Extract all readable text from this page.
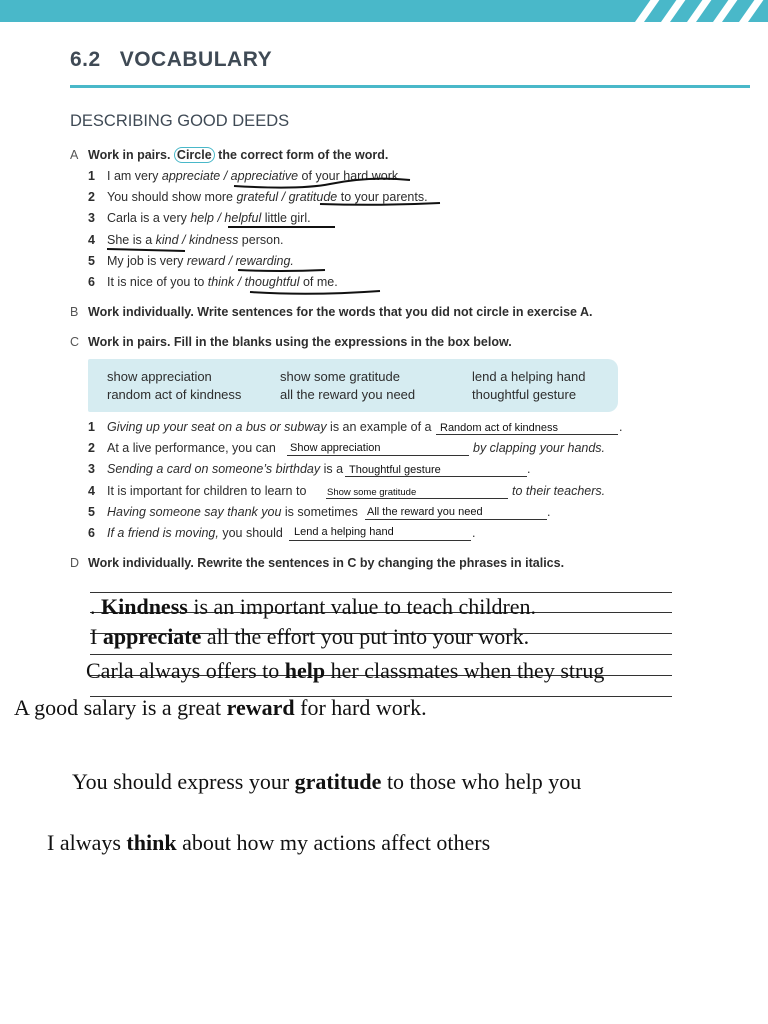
6.2 VOCABULARY
DESCRIBING GOOD DEEDS
A Work in pairs. Circle the correct form of the word.
1 I am very appreciate / appreciative of your hard work.
2 You should show more grateful / gratitude to your parents.
3 Carla is a very help / helpful little girl.
4 She is a kind / kindness person.
5 My job is very reward / rewarding.
6 It is nice of you to think / thoughtful of me.
B Work individually. Write sentences for the words that you did not circle in exercise A.
C Work in pairs. Fill in the blanks using the expressions in the box below.
show appreciation	show some gratitude	lend a helping hand
random act of kindness	all the reward you need	thoughtful gesture
1 Giving up your seat on a bus or subway is an example of a Random act of kindness	.
2 At a live performance, you can Show appreciation	by clapping your hands.
3 Sending a card on someone’s birthday is a Thoughtful gesture	.
4 It is important for children to learn to Show some gratitude	to their teachers.
5 Having someone say thank you is sometimes All the reward you need	.
6 If a friend is moving, you should Lend a helping hand	.
D Work individually. Rewrite the sentences in C by changing the phrases in italics.
. Kindness is an important value to teach children.
I appreciate all the effort you put into your work.
Carla always offers to help her classmates when they strug
A good salary is a great reward for hard work.
You should express your gratitude to those who help you
I always think about how my actions affect others
